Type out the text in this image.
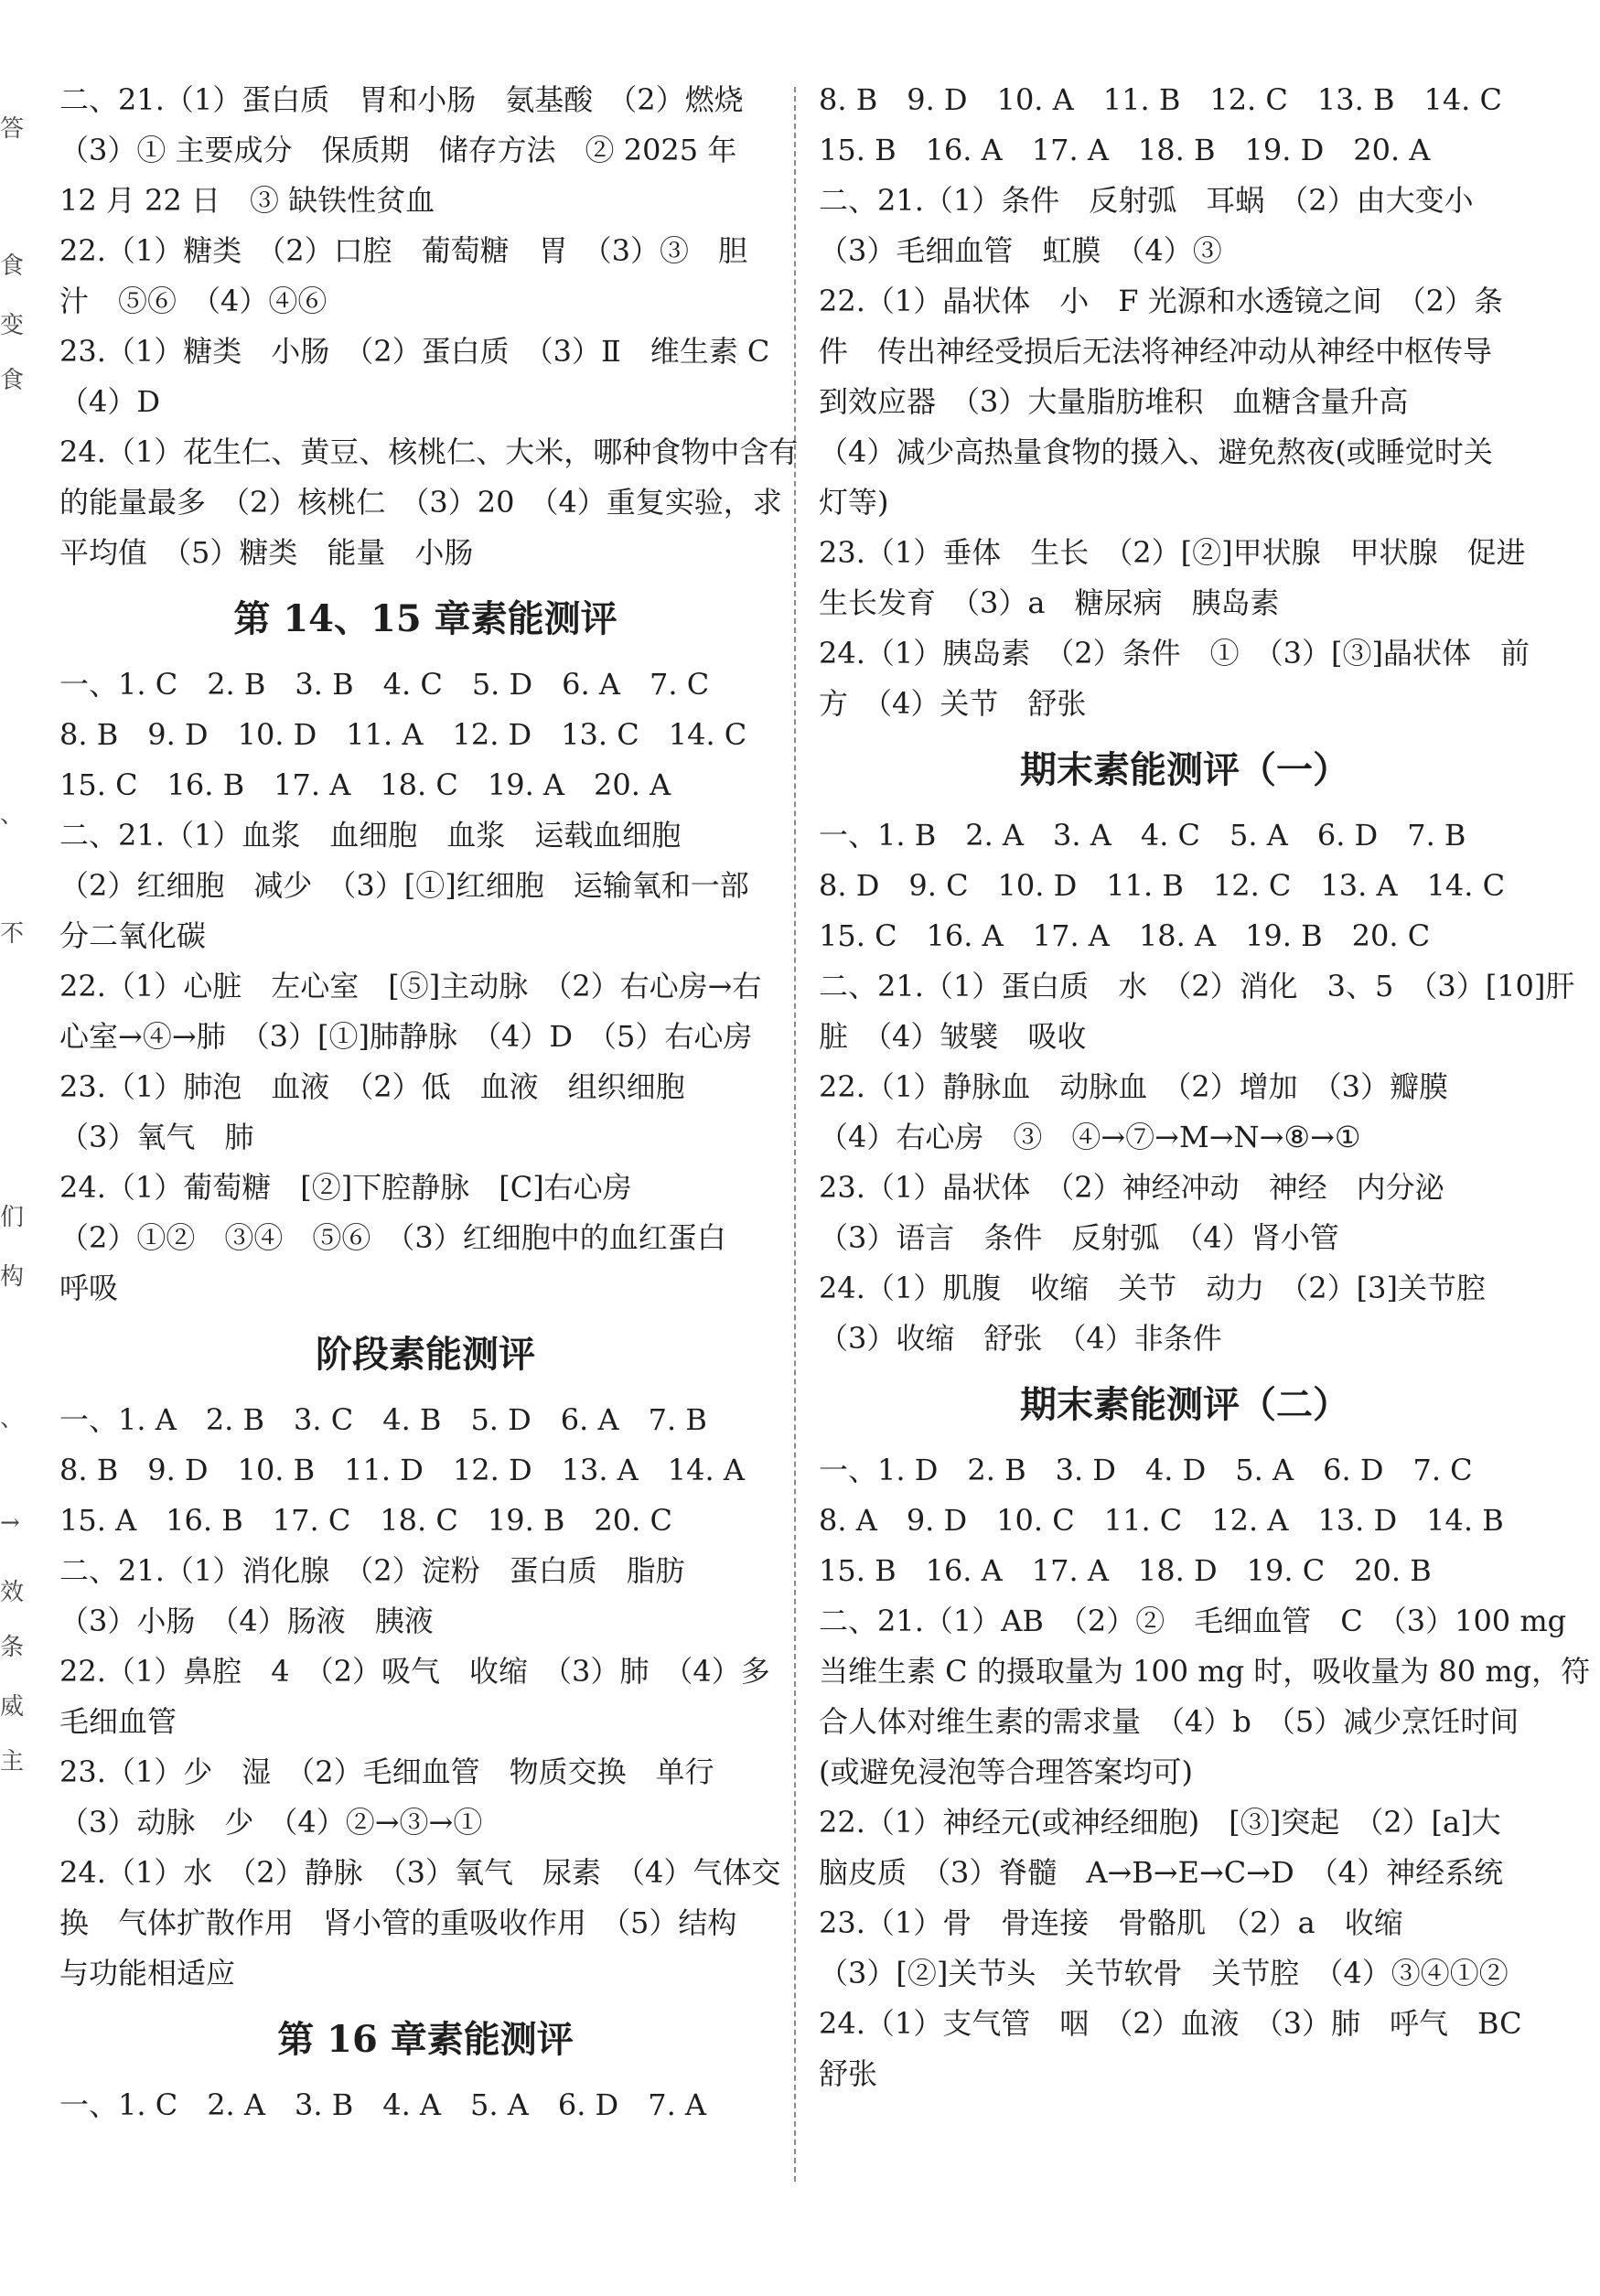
答
食
变
食
、
不
们
构
、
→
效
条
威
主
二、21.（1）蛋白质　胃和小肠　氨基酸　（2）燃烧
（3）① 主要成分　保质期　储存方法　② 2025 年
12 月 22 日　③ 缺铁性贫血
22.（1）糖类　（2）口腔　葡萄糖　胃　（3）③　胆
汁　⑤⑥　（4）④⑥
23.（1）糖类　小肠　（2）蛋白质　（3）Ⅱ　维生素 C
（4）D
24.（1）花生仁、黄豆、核桃仁、大米，哪种食物中含有
的能量最多　（2）核桃仁　（3）20　（4）重复实验，求
平均值　（5）糖类　能量　小肠
第 14、15 章素能测评
一、1. C　2. B　3. B　4. C　5. D　6. A　7. C
8. B　9. D　10. D　11. A　12. D　13. C　14. C
15. C　16. B　17. A　18. C　19. A　20. A
二、21.（1）血浆　血细胞　血浆　运载血细胞
（2）红细胞　减少　（3）[①]红细胞　运输氧和一部
分二氧化碳
22.（1）心脏　左心室　[⑤]主动脉　（2）右心房→右
心室→④→肺　（3）[①]肺静脉　（4）D　（5）右心房
23.（1）肺泡　血液　（2）低　血液　组织细胞
（3）氧气　肺
24.（1）葡萄糖　[②]下腔静脉　[C]右心房
（2）①②　③④　⑤⑥　（3）红细胞中的血红蛋白
呼吸
阶段素能测评
一、1. A　2. B　3. C　4. B　5. D　6. A　7. B
8. B　9. D　10. B　11. D　12. D　13. A　14. A
15. A　16. B　17. C　18. C　19. B　20. C
二、21.（1）消化腺　（2）淀粉　蛋白质　脂肪
（3）小肠　（4）肠液　胰液
22.（1）鼻腔　4　（2）吸气　收缩　（3）肺　（4）多
毛细血管
23.（1）少　湿　（2）毛细血管　物质交换　单行
（3）动脉　少　（4）②→③→①
24.（1）水　（2）静脉　（3）氧气　尿素　（4）气体交
换　气体扩散作用　肾小管的重吸收作用　（5）结构
与功能相适应
第 16 章素能测评
一、1. C　2. A　3. B　4. A　5. A　6. D　7. A
8. B　9. D　10. A　11. B　12. C　13. B　14. C
15. B　16. A　17. A　18. B　19. D　20. A
二、21.（1）条件　反射弧　耳蜗　（2）由大变小
（3）毛细血管　虹膜　（4）③
22.（1）晶状体　小　F 光源和水透镜之间　（2）条
件　传出神经受损后无法将神经冲动从神经中枢传导
到效应器　（3）大量脂肪堆积　血糖含量升高
（4）减少高热量食物的摄入、避免熬夜(或睡觉时关
灯等)
23.（1）垂体　生长　（2）[②]甲状腺　甲状腺　促进
生长发育　（3）a　糖尿病　胰岛素
24.（1）胰岛素　（2）条件　①　（3）[③]晶状体　前
方　（4）关节　舒张
期末素能测评（一）
一、1. B　2. A　3. A　4. C　5. A　6. D　7. B
8. D　9. C　10. D　11. B　12. C　13. A　14. C
15. C　16. A　17. A　18. A　19. B　20. C
二、21.（1）蛋白质　水　（2）消化　3、5　（3）[10]肝
脏　（4）皱襞　吸收
22.（1）静脉血　动脉血　（2）增加　（3）瓣膜
（4）右心房　③　④→⑦→M→N→⑧→①
23.（1）晶状体　（2）神经冲动　神经　内分泌
（3）语言　条件　反射弧　（4）肾小管
24.（1）肌腹　收缩　关节　动力　（2）[3]关节腔
（3）收缩　舒张　（4）非条件
期末素能测评（二）
一、1. D　2. B　3. D　4. D　5. A　6. D　7. C
8. A　9. D　10. C　11. C　12. A　13. D　14. B
15. B　16. A　17. A　18. D　19. C　20. B
二、21.（1）AB　（2）②　毛细血管　C　（3）100 mg
当维生素 C 的摄取量为 100 mg 时，吸收量为 80 mg，符
合人体对维生素的需求量　（4）b　（5）减少烹饪时间
(或避免浸泡等合理答案均可)
22.（1）神经元(或神经细胞)　[③]突起　（2）[a]大
脑皮质　（3）脊髓　A→B→E→C→D　（4）神经系统
23.（1）骨　骨连接　骨骼肌　（2）a　收缩
（3）[②]关节头　关节软骨　关节腔　（4）③④①②
24.（1）支气管　咽　（2）血液　（3）肺　呼气　BC
舒张
